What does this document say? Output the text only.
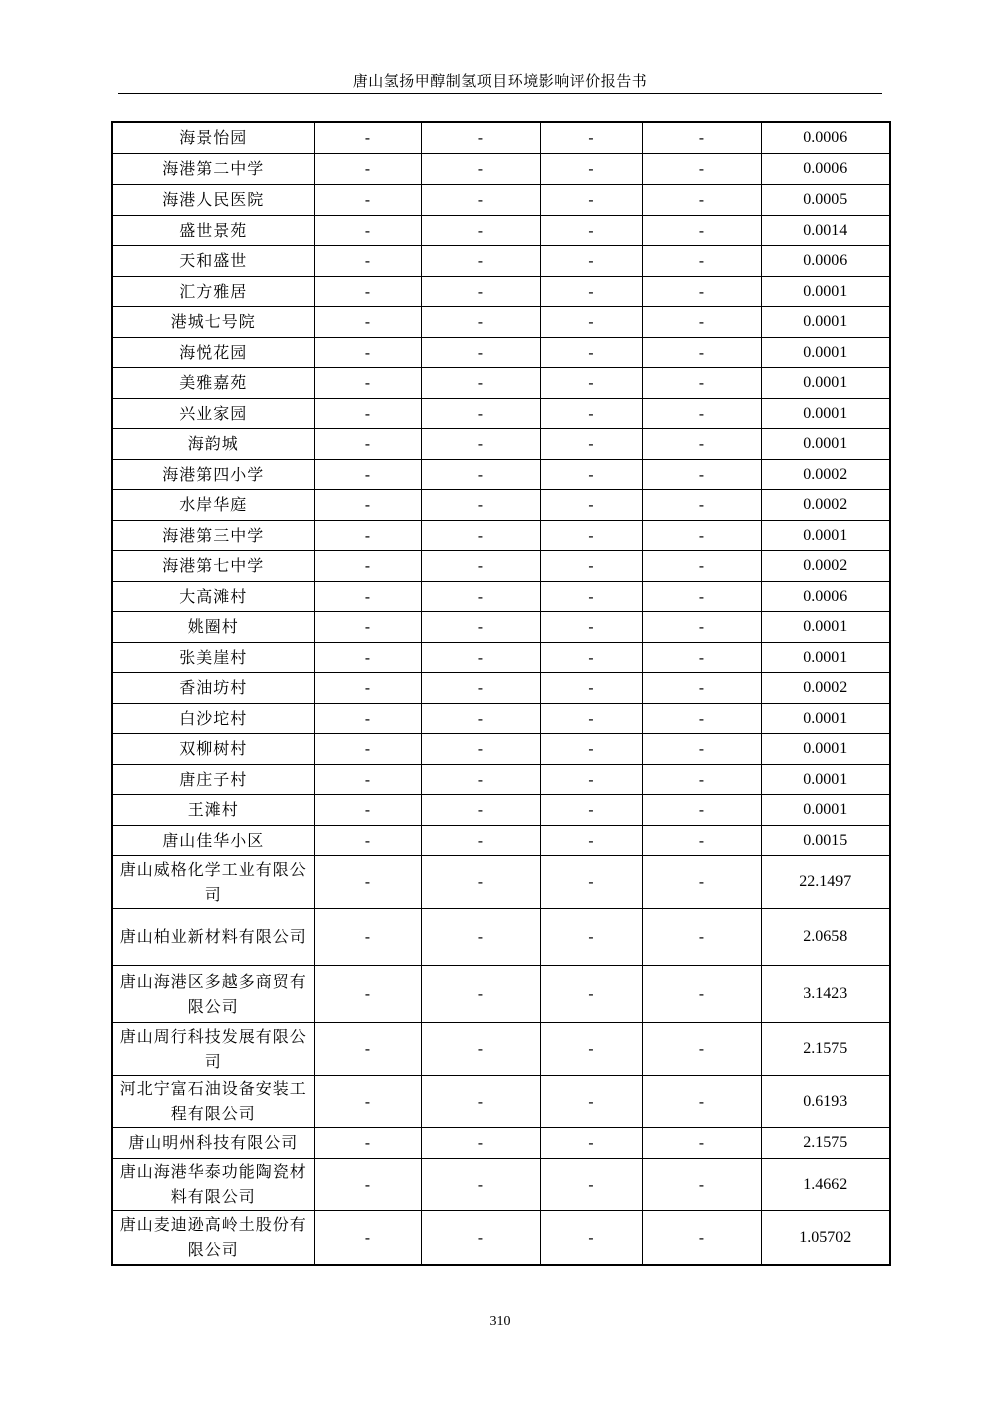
唐山氢扬甲醇制氢项目环境影响评价报告书
海景怡园	-	-	-	-	0.0006
海港第二中学	-	-	-	-	0.0006
海港人民医院	-	-	-	-	0.0005
盛世景苑	-	-	-	-	0.0014
天和盛世	-	-	-	-	0.0006
汇方雅居	-	-	-	-	0.0001
港城七号院	-	-	-	-	0.0001
海悦花园	-	-	-	-	0.0001
美雅嘉苑	-	-	-	-	0.0001
兴业家园	-	-	-	-	0.0001
海韵城	-	-	-	-	0.0001
海港第四小学	-	-	-	-	0.0002
水岸华庭	-	-	-	-	0.0002
海港第三中学	-	-	-	-	0.0001
海港第七中学	-	-	-	-	0.0002
大高滩村	-	-	-	-	0.0006
姚圈村	-	-	-	-	0.0001
张美崖村	-	-	-	-	0.0001
香油坊村	-	-	-	-	0.0002
白沙坨村	-	-	-	-	0.0001
双柳树村	-	-	-	-	0.0001
唐庄子村	-	-	-	-	0.0001
王滩村	-	-	-	-	0.0001
唐山佳华小区	-	-	-	-	0.0015
唐山威格化学工业有限公司	-	-	-	-	22.1497
唐山柏业新材料有限公司	-	-	-	-	2.0658
唐山海港区多越多商贸有限公司	-	-	-	-	3.1423
唐山周行科技发展有限公司	-	-	-	-	2.1575
河北宁富石油设备安装工程有限公司	-	-	-	-	0.6193
唐山明州科技有限公司	-	-	-	-	2.1575
唐山海港华泰功能陶瓷材料有限公司	-	-	-	-	1.4662
唐山麦迪逊高岭土股份有限公司	-	-	-	-	1.05702
310
